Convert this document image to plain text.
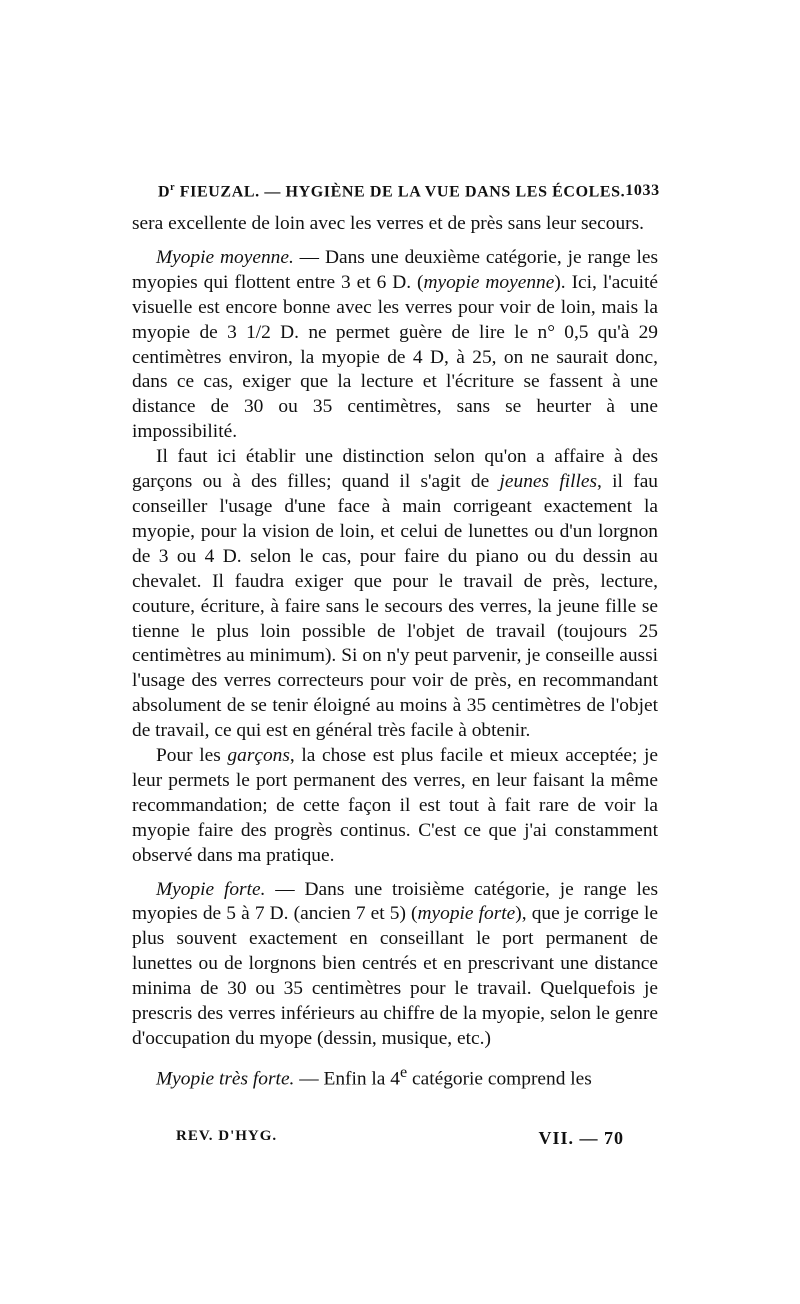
$D^r$ FIEUZAL. — HYGIÈNE DE LA VUE DANS LES ÉCOLES. 1033

sera excellente de loin avec les verres et de près sans leur secours.

Myopie moyenne. — Dans une deuxième catégorie, je range les myopies qui flottent entre 3 et 6 D. (myopie moyenne). Ici, l'acuité visuelle est encore bonne avec les verres pour voir de loin, mais la myopie de 3 1/2 D. ne permet guère de lire le n° 0,5 qu'à 29 centimètres environ, la myopie de 4 D, à 25, on ne saurait donc, dans ce cas, exiger que la lecture et l'écriture se fassent à une distance de 30 ou 35 centimètres, sans se heurter à une impossibilité.

Il faut ici établir une distinction selon qu'on a affaire à des garçons ou à des filles; quand il s'agit de jeunes filles, il fau conseiller l'usage d'une face à main corrigeant exactement la myopie, pour la vision de loin, et celui de lunettes ou d'un lorgnon de 3 ou 4 D. selon le cas, pour faire du piano ou du dessin au chevalet. Il faudra exiger que pour le travail de près, lecture, couture, écriture, à faire sans le secours des verres, la jeune fille se tienne le plus loin possible de l'objet de travail (toujours 25 centimètres au minimum). Si on n'y peut parvenir, je conseille aussi l'usage des verres correcteurs pour voir de près, en recommandant absolument de se tenir éloigné au moins à 35 centimètres de l'objet de travail, ce qui est en général très facile à obtenir.

Pour les garçons, la chose est plus facile et mieux acceptée; je leur permets le port permanent des verres, en leur faisant la même recommandation; de cette façon il est tout à fait rare de voir la myopie faire des progrès continus. C'est ce que j'ai constamment observé dans ma pratique.

Myopie forte. — Dans une troisième catégorie, je range les myopies de 5 à 7 D. (ancien 7 et 5) (myopie forte), que je corrige le plus souvent exactement en conseillant le port permanent de lunettes ou de lorgnons bien centrés et en prescrivant une distance minima de 30 ou 35 centimètres pour le travail. Quelquefois je prescris des verres inférieurs au chiffre de la myopie, selon le genre d'occupation du myope (dessin, musique, etc.)

Myopie très forte. — Enfin la 4e catégorie comprend les

REV. D'HYG.	VII. — 70
